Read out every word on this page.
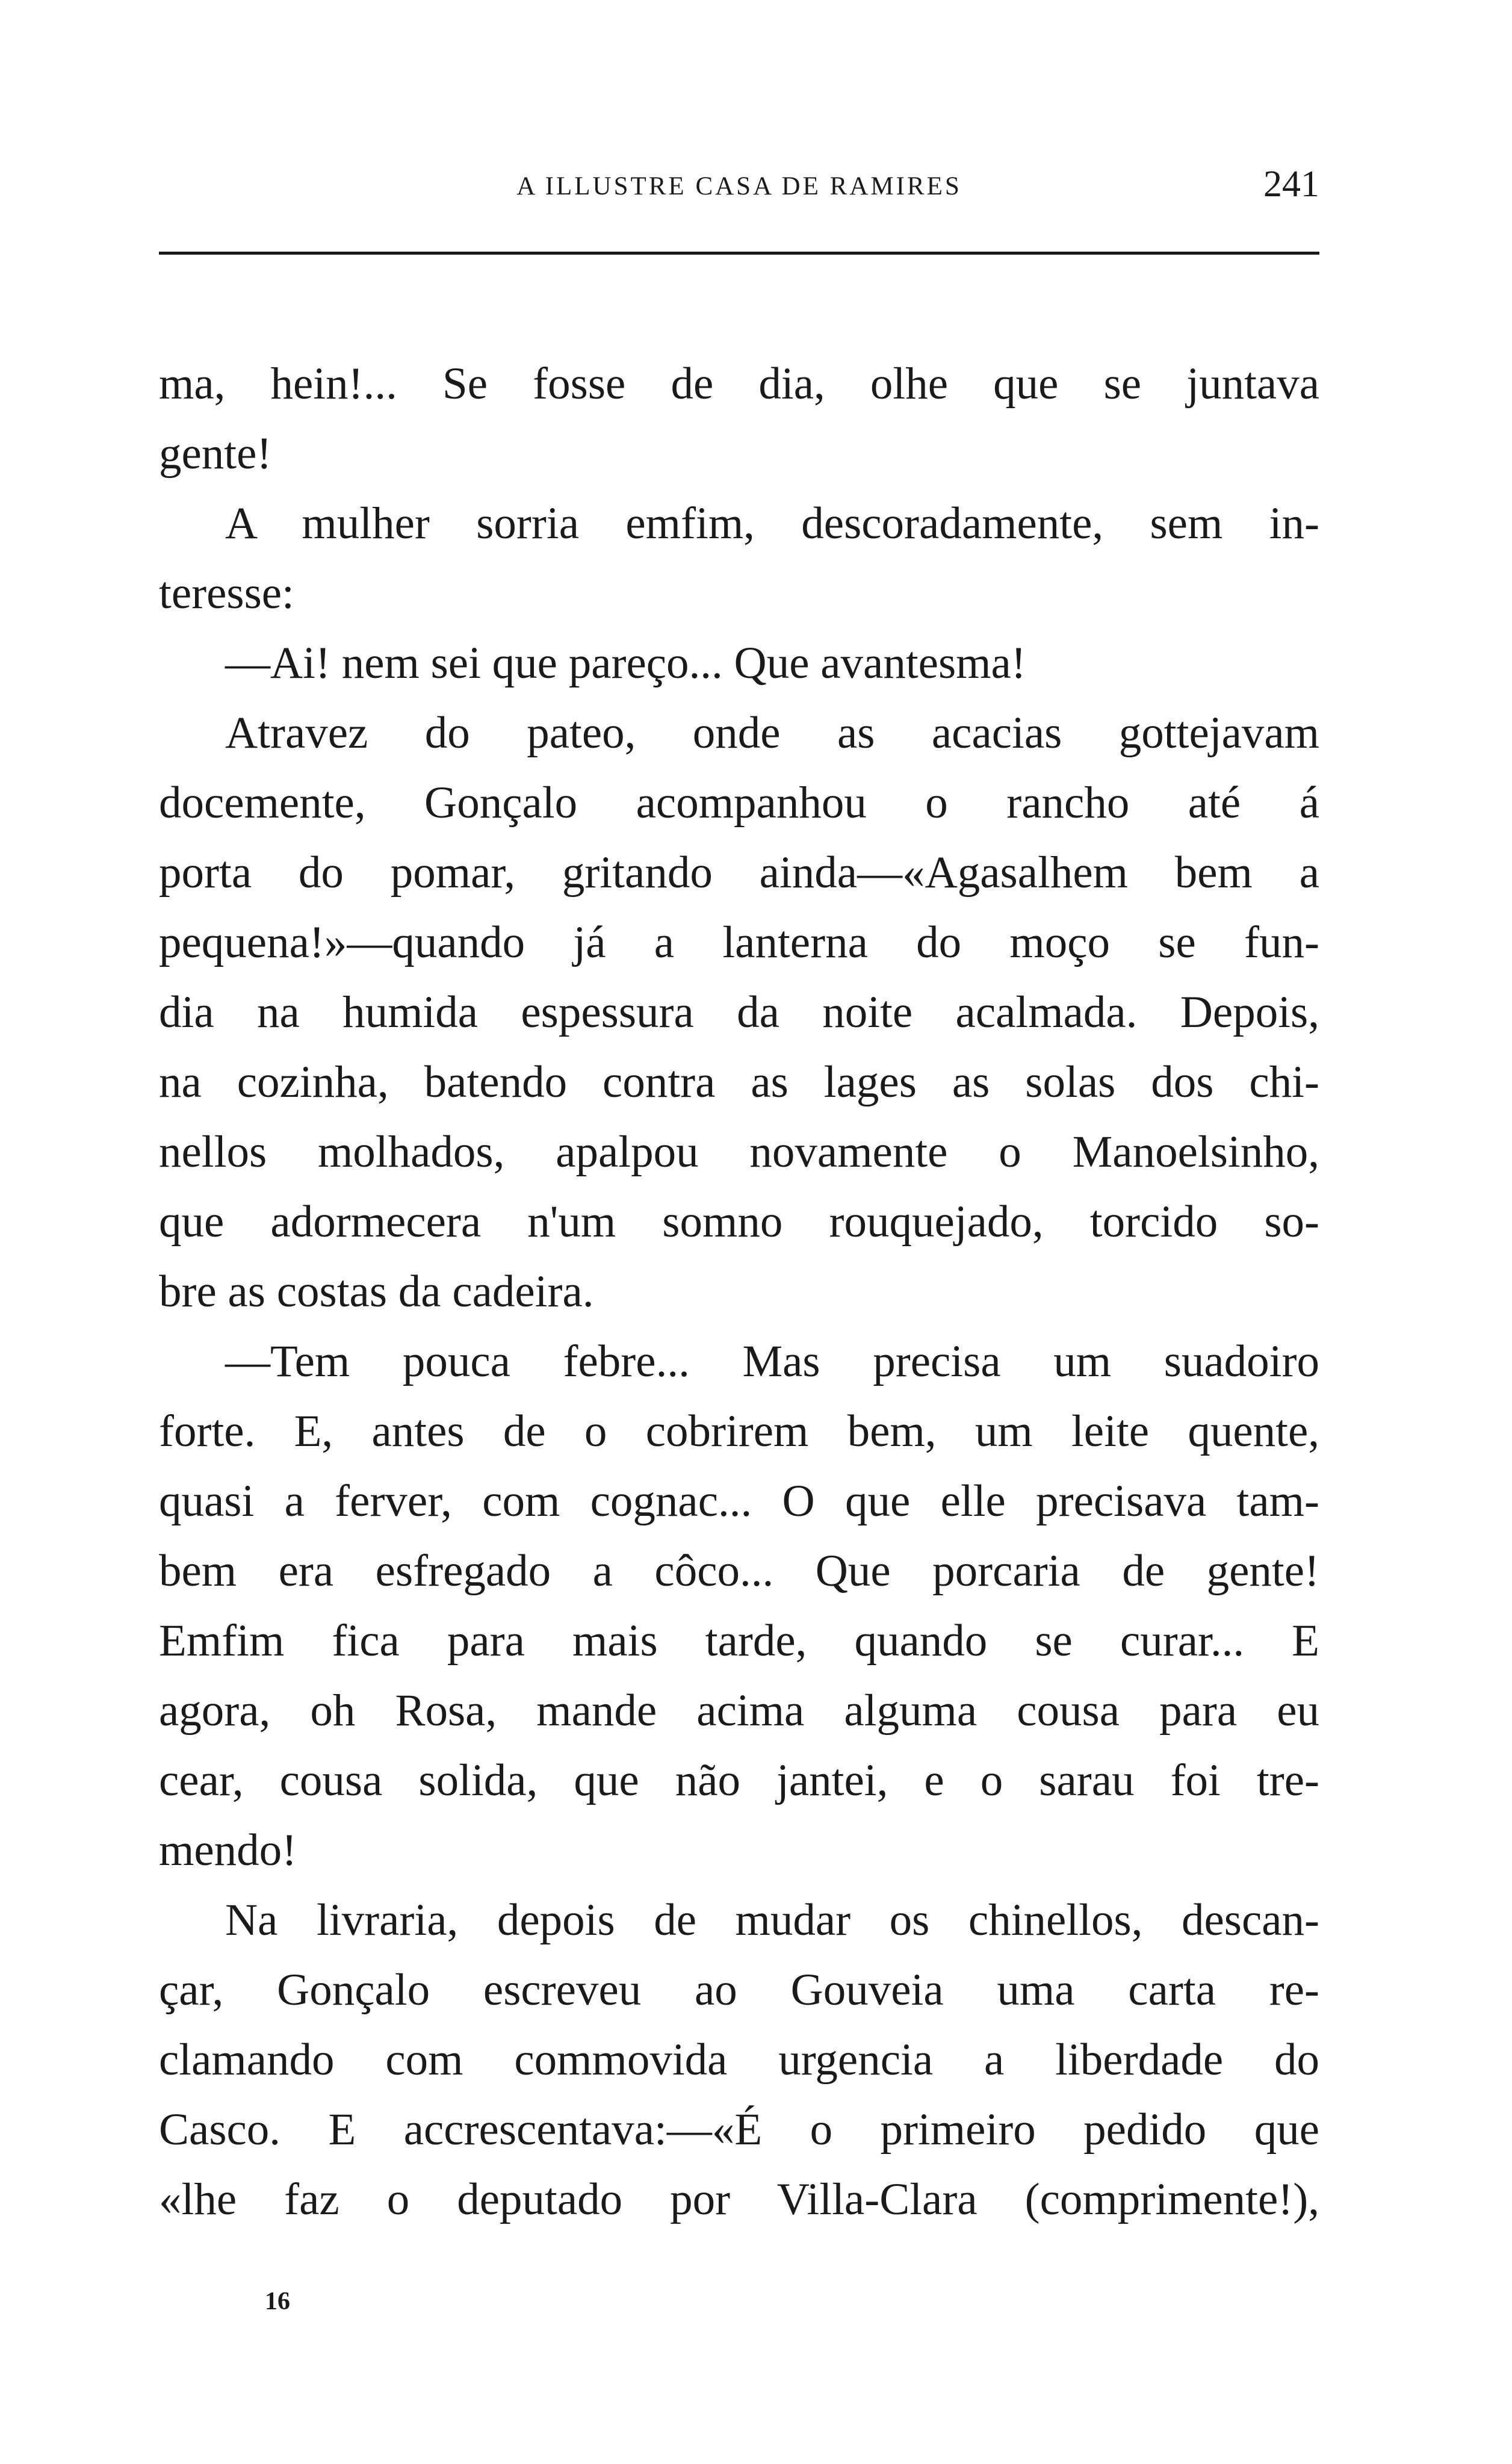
A ILLUSTRE CASA DE RAMIRES	241

ma, hein!... Se fosse de dia, olhe que se juntava

gente!

A mulher sorria emfim, descoradamente, sem in-

teresse:

—Ai! nem sei que pareço... Que avantesma!

Atravez do pateo, onde as acacias gottejavam

docemente, Gonçalo acompanhou o rancho até á

porta do pomar, gritando ainda—«Agasalhem bem a

pequena!»—quando já a lanterna do moço se fun-

dia na humida espessura da noite acalmada. Depois,

na cozinha, batendo contra as lages as solas dos chi-

nellos molhados, apalpou novamente o Manoelsinho,

que adormecera n'um somno rouquejado, torcido so-

bre as costas da cadeira.

—Tem pouca febre... Mas precisa um suadoiro

forte. E, antes de o cobrirem bem, um leite quente,

quasi a ferver, com cognac... O que elle precisava tam-

bem era esfregado a côco... Que porcaria de gente!

Emfim fica para mais tarde, quando se curar... E

agora, oh Rosa, mande acima alguma cousa para eu

cear, cousa solida, que não jantei, e o sarau foi tre-

mendo!

Na livraria, depois de mudar os chinellos, descan-

çar, Gonçalo escreveu ao Gouveia uma carta re-

clamando com commovida urgencia a liberdade do

Casco. E accrescentava:—«É o primeiro pedido que

«lhe faz o deputado por Villa-Clara (comprimente!),

16
